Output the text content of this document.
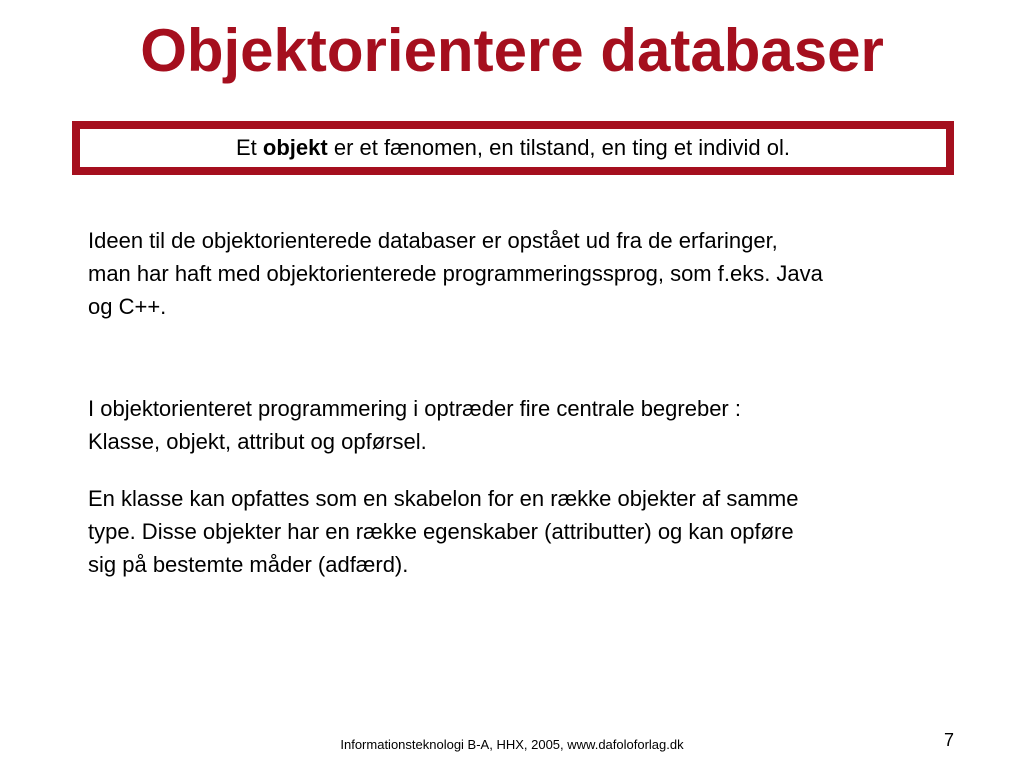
Objektorientere databaser
Et
objekt
er et fænomen, en tilstand, en ting et individ ol.
Ideen til de objektorienterede databaser er opstået ud fra de erfaringer,
man har haft med objektorienterede programmeringssprog, som f.eks. Java
og C++.
I objektorienteret programmering i optræder fire centrale begreber :
Klasse, objekt, attribut og opførsel.
En klasse kan opfattes som en skabelon for en række objekter af samme
type. Disse objekter har en række egenskaber (attributter) og kan opføre
sig på bestemte måder (adfærd).
Informationsteknologi B-A, HHX, 2005, www.dafoloforlag.dk	7
